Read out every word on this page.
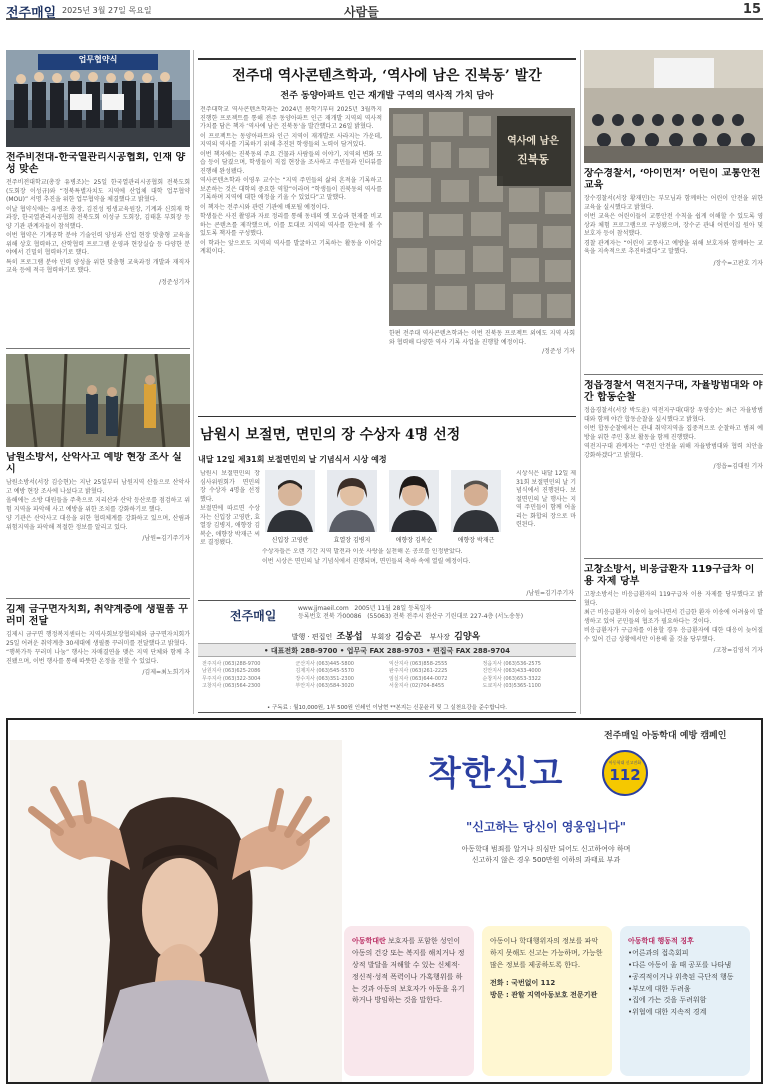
전주매일 2025년 3월 27일 목요일	사람들	15
업무협약식
전주비전대-한국열관리시공협회, 인재 양성 맞손

전주비전대학교(총장 유병조)는 25일 한국열관리시공협회 전북도회(도회장 이성규)와 “정북특별자치도 지역에 산업체 대학 업무협약(MOU)” 서명 추진을 위한 업무협약을 체결했다고 밝혔다.

이날 협약식에는 유병조 총장, 김진성 평생교육원장, 기계과 신희재 학과장, 한국열관리시공협회 전북도회 이성규 도회장, 김태훈 부회장 등 양 기관 관계자들이 참석했다.

이번 협약은 기계공학 분야 기술인력 양성과 산업 현장 맞춤형 교육을 위해 상호 협력하고, 산학협력 프로그램 운영과 현장실습 등 다양한 분야에서 긴밀히 협력하기로 했다.

특히 프로그램 분야 인력 양성을 위한 맞춤형 교육과정 개발과 재직자 교육 등에 적극 협력하기로 했다.

/정준성기자
남원소방서, 산악사고 예방 현장 조사 실시

남원소방서(서장 김승현)는 지난 25일부터 남원지역 산들으로 산악사고 예방 현장 조사에 나섰다고 밝혔다.

올해에는 소방 대원들을 주축으로 지리산과 산악 등산로를 점검하고 위험 지역을 파악해 사고 예방을 위한 조치를 강화하기로 했다.

양 기관은 산악사고 대응을 위한 협력체계를 강화하고 있으며, 산림과 위험지역을 파악해 적절한 정보를 알리고 있다.

/남원=김기주기자
김제 금구면자치회, 취약계층에 생필품 꾸러미 전달

김제시 금구면 행정복지센터는 지역사회보장협의체와 금구면자치회가 25일 어려운 취약계층 30세대에 생필품 꾸러미를 전달했다고 밝혔다.

“행복가득 꾸러미 나눔” 행사는 자매결연을 맺은 지역 단체와 함께 추진됐으며, 이번 행사를 통해 따뜻한 온정을 전할 수 있었다.

/김제=최노희기자
전주대 역사콘텐츠학과, ‘역사에 남은 진북동’ 발간
전주 동양아파트 인근 재개발 구역의 역사적 가치 담아

전주대학교 역사콘텐츠학과는 2024년 봄학기부터 2025년 3월까지 진행한 프로젝트를 통해 전주 동양아파트 인근 재개발 지역의 역사적 가치를 담은 책자 ‘역사에 남은 진북동’을 발간했다고 26일 밝혔다.

이 프로젝트는 동양아파트와 인근 지역이 재개발로 사라지는 가운데, 지역의 역사를 기록하기 위해 추진된 학생들의 노력이 담겨있다.

이번 책자에는 진북동의 주요 건물과 사람들의 이야기, 지역의 변화 모습 등이 담겼으며, 학생들이 직접 현장을 조사하고 주민들과 인터뷰를 진행해 완성됐다.

역사콘텐츠학과 이영우 교수는 “지역 주민들의 삶의 흔적을 기록하고 보존하는 것은 대학의 중요한 역할”이라며 “학생들이 진북동의 역사를 기록하며 지역에 대한 애정을 키울 수 있었다”고 말했다.

이 책자는 전주시와 관련 기관에 배포될 예정이다.

학생들은 사진 촬영과 자료 정리를 통해 동네의 옛 모습과 현재를 비교하는 콘텐츠를 제작했으며, 이를 토대로 지역의 역사를 한눈에 볼 수 있도록 책자를 구성했다.

이 학과는 앞으로도 지역의 역사를 발굴하고 기록하는 활동을 이어갈 계획이다.

역사에 남은
진북동

한편 전주대 역사콘텐츠학과는 이번 진북동 프로젝트 외에도 지역 사회와 협력해 다양한 역사 기록 사업을 진행할 예정이다.

/정준성 기자
남원시 보절면, 면민의 장 수상자 4명 선정
내달 12일 제31회 보절면민의 날 기념식서 시상 예정

남원시 보절면민의 장 심사위원회가 면민의 장 수상자 4명을 선정했다.

보절면에 따르면 수상자는 신입장 고영란, 효열장 김병지, 애향장 김복순, 애향장 박재근 씨로 결정됐다.	신입장 고영란	효열장 김병지	애향장 김복순	애향장 박재근

수상자들은 오랜 기간 지역 발전과 이웃 사랑을 실천해 온 공로를 인정받았다.

이번 시상은 면민의 날 기념식에서 진행되며, 면민들의 축하 속에 열릴 예정이다.

시상식은 내달 12일 제31회 보절면민의 날 기념식에서 진행된다. 보절면민의 날 행사는 지역 주민들이 함께 어울리는 화합의 장으로 마련된다.

/남원=김기주기자
전주매일
www.jjmaeil.com 2005년 11월 28일 등록일자
등록번호 전북 가00086 (55063) 전북 전주시 완산구 기린대로 227-4층 (서노송동)
발행 · 편집인 조봉섭 부회장 김승곤 부사장 김양옥
• 대표전화 288-9700 • 업무국 FAX 288-9703 • 편집국 FAX 288-9704
전주지사 (063)288-9700	군산지사 (063)445-5800	익산지사 (063)858-2555	정읍지사 (063)536-2575
남원지사 (063)625-2086	김제지사 (063)545-5570	완주지사 (063)261-2225	진안지사 (063)433-4000
무주지사 (063)322-3004	장수지사 (063)351-2300	임실지사 (063)644-0072	순창지사 (063)653-3322
고창지사 (063)564-2300	부안지사 (063)584-3020	서울지사 (02)704-8455	도쿄지사 (03)5365-1100
• 구독료 : 월10,000원, 1부 500원 인쇄인 이남현 **본지는 신문윤리 및 그 실천요강을 준수합니다.
장수경찰서, ‘아이먼저’ 어린이 교통안전 교육

장수경찰서(서장 황재민)는 부모님과 함께하는 어린이 안전을 위한 교육을 실시했다고 밝혔다.

이번 교육은 어린이들이 교통안전 수칙을 쉽게 이해할 수 있도록 영상과 체험 프로그램으로 구성됐으며, 장수군 관내 어린이집 원아 및 보호자 등이 참석했다.

경찰 관계자는 “어린이 교통사고 예방을 위해 보호자와 함께하는 교육을 지속적으로 추진하겠다”고 말했다.

/장수=고판호 기자
정읍경찰서 역전지구대, 자율방범대와 야간 합동순찰

정읍경찰서(서장 박도윤) 역전지구대(대장 우영승)는 최근 자율방범대와 함께 야간 합동순찰을 실시했다고 밝혔다.

이번 합동순찰에서는 관내 취약지역을 집중적으로 순찰하고 범죄 예방을 위한 주민 홍보 활동을 함께 진행했다.

역전지구대 관계자는 “주민 안전을 위해 자율방범대와 협력 치안을 강화하겠다”고 밝혔다.

/정읍=김대원 기자
고창소방서, 비응급환자 119구급차 이용 자제 당부

고창소방서는 비응급환자의 119구급차 이용 자제를 당부했다고 밝혔다.

최근 비응급환자 이송이 늘어나면서 긴급한 환자 이송에 어려움이 발생하고 있어 군민들의 협조가 필요하다는 것이다.

비응급환자가 구급차를 이용할 경우 응급환자에 대한 대응이 늦어질 수 있어 긴급 상황에서만 이용해 줄 것을 당부했다.

/고창=김영석 기자
전주매일 아동학대 예방 캠페인
착한신고	아동학대 신고전화
112
"신고하는 당신이 영웅입니다"
아동학대 범죄를 알거나 의심만 되어도 신고하여야 하며
신고하지 않은 경우 500만원 이하의 과태료 부과
아동학대란 보호자를 포함한 성인이 아동의 건강 또는 복지를 해치거나 정상적 발달을 저해할 수 있는 신체적·정신적·성적 폭력이나 가혹행위를 하는 것과 아동의 보호자가 아동을 유기하거나 방임하는 것을 말한다.
아동이나 학대행위자의 정보를 파악하지 못해도 신고는 가능하며, 가능한 많은 정보를 제공하도록 한다.
전화 : 국번없이 112
방문 : 관할 지역아동보호 전문기관
아동학대 행동적 징후
• 어른과의 접촉회피
• 다른 아동이 울 때 공포를 나타냄
• 공격적이거나 위축된 극단적 행동
• 부모에 대한 두려움
• 집에 가는 것을 두려워함
• 위협에 대한 지속적 경계
